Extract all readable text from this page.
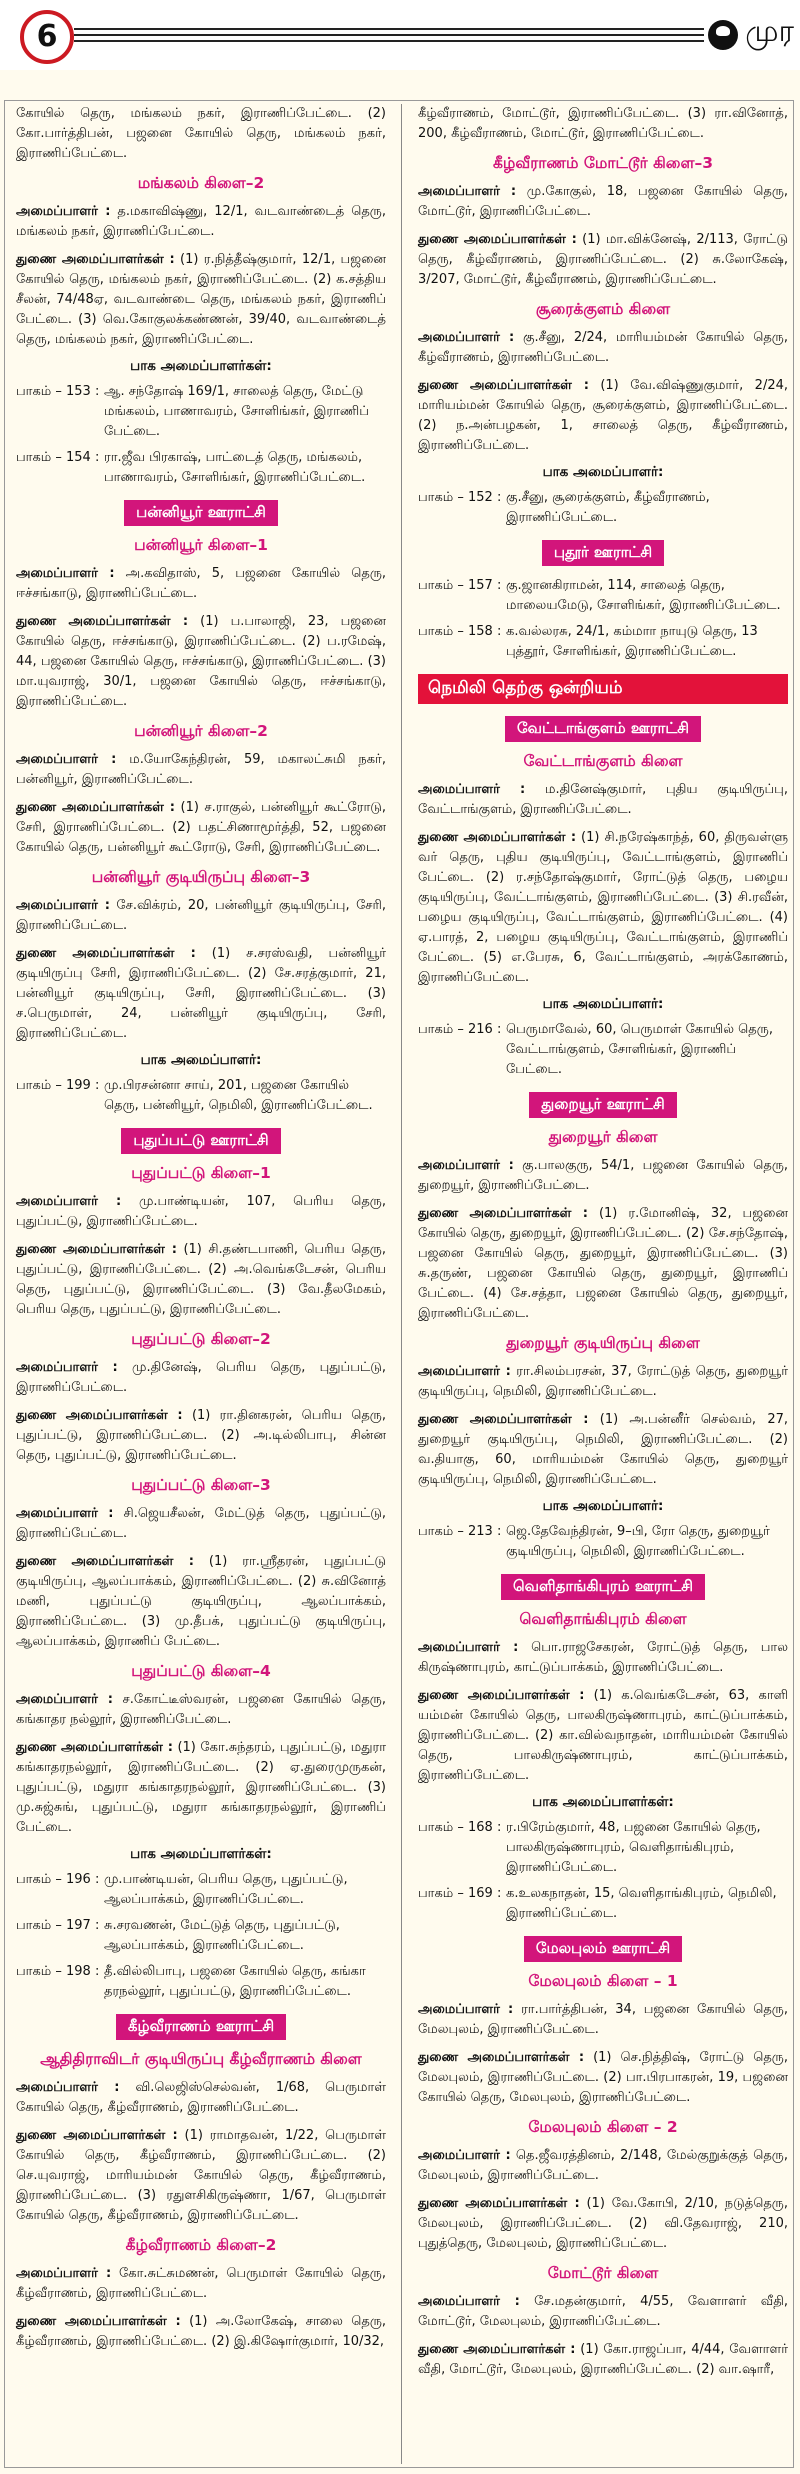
6	முர

கோயில் தெரு, மங்கலம் நகர், இராணிப்பேட்டை. (2) கோ.பார்த்திபன், பஜனை கோயில் தெரு, மங்கலம் நகர், இராணிப்பேட்டை.

மங்கலம் கிளை–2

அமைப்பாளர் : த.மகாவிஷ்ணு, 12/1, வடவாண்டைத் தெரு, மங்கலம் நகர், இராணிப்பேட்டை.

துணை அமைப்பாளர்கள் : (1) ர.நித்தீஷ்குமார், 12/1, பஜனை கோயில் தெரு, மங்கலம் நகர், இராணிப்பேட்டை. (2) க.சத்திய சீலன், 74/48ஏ, வடவாண்டை தெரு, மங்கலம் நகர், இராணிப் பேட்டை. (3) வெ.கோகுலக்கண்ணன், 39/40, வடவாண்டைத் தெரு, மங்கலம் நகர், இராணிப்பேட்டை.

பாக அமைப்பாளர்கள்:
பாகம் – 153 : ஆ. சந்தோஷ் 169/1, சாலைத் தெரு, மேட்டு மங்கலம், பாணாவரம், சோளிங்கர், இராணிப் பேட்டை.
பாகம் – 154 : ரா.ஜீவ பிரகாஷ், பாட்டைத் தெரு, மங்கலம், பாணாவரம், சோளிங்கர், இராணிப்பேட்டை.
பன்னியூர் ஊராட்சி
பன்னியூர் கிளை–1

அமைப்பாளர் : அ.கவிதாஸ், 5, பஜனை கோயில் தெரு, ஈச்சங்காடு, இராணிப்பேட்டை.

துணை அமைப்பாளர்கள் : (1) ப.பாலாஜி, 23, பஜனை கோயில் தெரு, ஈச்சங்காடு, இராணிப்பேட்டை. (2) ப.ரமேஷ், 44, பஜனை கோயில் தெரு, ஈச்சங்காடு, இராணிப்பேட்டை. (3) மா.யுவராஜ், 30/1, பஜனை கோயில் தெரு, ஈச்சங்காடு, இராணிப்பேட்டை.

பன்னியூர் கிளை–2

அமைப்பாளர் : ம.யோகேந்திரன், 59, மகாலட்சுமி நகர், பன்னியூர், இராணிப்பேட்டை.

துணை அமைப்பாளர்கள் : (1) ச.ராகுல், பன்னியூர் கூட்ரோடு, சேரி, இராணிப்பேட்டை. (2) பதட்சிணாமூர்த்தி, 52, பஜனை கோயில் தெரு, பன்னியூர் கூட்ரோடு, சேரி, இராணிப்பேட்டை.

பன்னியூர் குடியிருப்பு கிளை–3

அமைப்பாளர் : சே.விக்ரம், 20, பன்னியூர் குடியிருப்பு, சேரி, இராணிப்பேட்டை.

துணை அமைப்பாளர்கள் : (1) ச.சரஸ்வதி, பன்னியூர் குடியிருப்பு சேரி, இராணிப்பேட்டை. (2) சே.சரத்குமார், 21, பன்னியூர் குடியிருப்பு, சேரி, இராணிப்பேட்டை. (3) ச.பெருமாள், 24, பன்னியூர் குடியிருப்பு, சேரி, இராணிப்பேட்டை.

பாக அமைப்பாளர்:
பாகம் – 199 : மு.பிரசன்னா சாய், 201, பஜனை கோயில் தெரு, பன்னியூர், நெமிலி, இராணிப்பேட்டை.
புதுப்பட்டு ஊராட்சி
புதுப்பட்டு கிளை–1

அமைப்பாளர் : மு.பாண்டியன், 107, பெரிய தெரு, புதுப்பட்டு, இராணிப்பேட்டை.

துணை அமைப்பாளர்கள் : (1) சி.தண்டபாணி, பெரிய தெரு, புதுப்பட்டு, இராணிப்பேட்டை. (2) அ.வெங்கடேசன், பெரிய தெரு, புதுப்பட்டு, இராணிப்பேட்டை. (3) வே.தீலமேகம், பெரிய தெரு, புதுப்பட்டு, இராணிப்பேட்டை.

புதுப்பட்டு கிளை–2

அமைப்பாளர் : மு.தினேஷ், பெரிய தெரு, புதுப்பட்டு, இராணிப்பேட்டை.

துணை அமைப்பாளர்கள் : (1) ரா.தினகரன், பெரிய தெரு, புதுப்பட்டு, இராணிப்பேட்டை. (2) அ.டில்லிபாபு, சின்ன தெரு, புதுப்பட்டு, இராணிப்பேட்டை.

புதுப்பட்டு கிளை–3

அமைப்பாளர் : சி.ஜெயசீலன், மேட்டுத் தெரு, புதுப்பட்டு, இராணிப்பேட்டை.

துணை அமைப்பாளர்கள் : (1) ரா.ஸ்ரீதரன், புதுப்பட்டு குடியிருப்பு, ஆலப்பாக்கம், இராணிப்பேட்டை. (2) சு.வினோத் மணி, புதுப்பட்டு குடியிருப்பு, ஆலப்பாக்கம், இராணிப்பேட்டை. (3) மு.தீபக், புதுப்பட்டு குடியிருப்பு, ஆலப்பாக்கம், இராணிப் பேட்டை.

புதுப்பட்டு கிளை–4

அமைப்பாளர் : ச.கோட்டீஸ்வரன், பஜனை கோயில் தெரு, கங்காதர நல்லூர், இராணிப்பேட்டை.

துணை அமைப்பாளர்கள் : (1) கோ.சுந்தரம், புதுப்பட்டு, மதுரா கங்காதரநல்லூர், இராணிப்பேட்டை. (2) ஏ.துரைமுருகன், புதுப்பட்டு, மதுரா கங்காதரநல்லூர், இராணிப்பேட்டை. (3) மு.சுஜ்சுங், புதுப்பட்டு, மதுரா கங்காதரநல்லூர், இராணிப் பேட்டை.

பாக அமைப்பாளர்கள்:
பாகம் – 196 : மு.பாண்டியன், பெரிய தெரு, புதுப்பட்டு, ஆலப்பாக்கம், இராணிப்பேட்டை.
பாகம் – 197 : சு.சரவணன், மேட்டுத் தெரு, புதுப்பட்டு, ஆலப்பாக்கம், இராணிப்பேட்டை.
பாகம் – 198 : தீ.வில்லிபாபு, பஜனை கோயில் தெரு, கங்கா தரநல்லூர், புதுப்பட்டு, இராணிப்பேட்டை.
கீழ்வீராணம் ஊராட்சி
ஆதிதிராவிடர் குடியிருப்பு கீழ்வீராணம் கிளை

அமைப்பாளர் : வி.லெஜிஸ்செல்வன், 1/68, பெருமாள் கோயில் தெரு, கீழ்வீராணம், இராணிப்பேட்டை.

துணை அமைப்பாளர்கள் : (1) ராமாதவன், 1/22, பெருமாள் கோயில் தெரு, கீழ்வீராணம், இராணிப்பேட்டை. (2) செ.யுவராஜ், மாரியம்மன் கோயில் தெரு, கீழ்வீராணம், இராணிப்பேட்டை. (3) ரதுளசிகிருஷ்ணா, 1/67, பெருமாள் கோயில் தெரு, கீழ்வீராணம், இராணிப்பேட்டை.

கீழ்வீராணம் கிளை–2

அமைப்பாளர் : கோ.சுட்சுமணன், பெருமாள் கோயில் தெரு, கீழ்வீராணம், இராணிப்பேட்டை.

துணை அமைப்பாளர்கள் : (1) அ.லோகேஷ், சாலை தெரு, கீழ்வீராணம், இராணிப்பேட்டை. (2) இ.கிஷோர்குமார், 10/32,

கீழ்வீராணம், மோட்டூர், இராணிப்பேட்டை. (3) ரா.வினோத், 200, கீழ்வீராணம், மோட்டூர், இராணிப்பேட்டை.

கீழ்வீராணம் மோட்டூர் கிளை–3

அமைப்பாளர் : மு.கோகுல், 18, பஜனை கோயில் தெரு, மோட்டூர், இராணிப்பேட்டை.

துணை அமைப்பாளர்கள் : (1) மா.விக்னேஷ், 2/113, ரோட்டு தெரு, கீழ்வீராணம், இராணிப்பேட்டை. (2) சு.லோகேஷ், 3/207, மோட்டூர், கீழ்வீராணம், இராணிப்பேட்டை.

சூரைக்குளம் கிளை

அமைப்பாளர் : கு.சீனு, 2/24, மாரியம்மன் கோயில் தெரு, கீழ்வீராணம், இராணிப்பேட்டை.

துணை அமைப்பாளர்கள் : (1) வே.விஷ்ணுகுமார், 2/24, மாரியம்மன் கோயில் தெரு, சூரைக்குளம், இராணிப்பேட்டை. (2) ந.அன்பழகன், 1, சாலைத் தெரு, கீழ்வீராணம், இராணிப்பேட்டை.

பாக அமைப்பாளர்:
பாகம் – 152 : கு.சீனு, சூரைக்குளம், கீழ்வீராணம், இராணிப்பேட்டை.
புதூர் ஊராட்சி
பாகம் – 157 : கு.ஜானகிராமன், 114, சாலைத் தெரு, மாலையமேடு, சோளிங்கர், இராணிப்பேட்டை.
பாகம் – 158 : க.வல்லரசு, 24/1, கம்மாா நாயுடு தெரு, 13 புத்தூர், சோளிங்கர், இராணிப்பேட்டை.
நெமிலி தெற்கு ஒன்றியம்
வேட்டாங்குளம் ஊராட்சி
வேட்டாங்குளம் கிளை

அமைப்பாளர் : ம.தினேஷ்குமார், புதிய குடியிருப்பு, வேட்டாங்குளம், இராணிப்பேட்டை.

துணை அமைப்பாளர்கள் : (1) சி.நரேஷ்காந்த், 60, திருவள்ளு வர் தெரு, புதிய குடியிருப்பு, வேட்டாங்குளம், இராணிப் பேட்டை. (2) ர.சந்தோஷ்குமார், ரோட்டுத் தெரு, பழைய குடியிருப்பு, வேட்டாங்குளம், இராணிப்பேட்டை. (3) சி.ரவீன், பழைய குடியிருப்பு, வேட்டாங்குளம், இராணிப்பேட்டை. (4) ஏ.பாரத், 2, பழைய குடியிருப்பு, வேட்டாங்குளம், இராணிப் பேட்டை. (5) எ.பேரசு, 6, வேட்டாங்குளம், அரக்கோணம், இராணிப்பேட்டை.

பாக அமைப்பாளர்:
பாகம் – 216 : பெருமாவேல், 60, பெருமாள் கோயில் தெரு, வேட்டாங்குளம், சோளிங்கர், இராணிப் பேட்டை.
துறையூர் ஊராட்சி
துறையூர் கிளை

அமைப்பாளர் : கு.பாலகுரு, 54/1, பஜனை கோயில் தெரு, துறையூர், இராணிப்பேட்டை.

துணை அமைப்பாளர்கள் : (1) ர.மோனிஷ், 32, பஜனை கோயில் தெரு, துறையூர், இராணிப்பேட்டை. (2) சே.சந்தோஷ், பஜனை கோயில் தெரு, துறையூர், இராணிப்பேட்டை. (3) சு.தருண், பஜனை கோயில் தெரு, துறையூர், இராணிப் பேட்டை. (4) சே.சத்தா, பஜனை கோயில் தெரு, துறையூர், இராணிப்பேட்டை.

துறையூர் குடியிருப்பு கிளை

அமைப்பாளர் : ரா.சிலம்பரசன், 37, ரோட்டுத் தெரு, துறையூர் குடியிருப்பு, நெமிலி, இராணிப்பேட்டை.

துணை அமைப்பாளர்கள் : (1) அ.பன்னீர் செல்வம், 27, துறையூர் குடியிருப்பு, நெமிலி, இராணிப்பேட்டை. (2) வ.தியாகு, 60, மாரியம்மன் கோயில் தெரு, துறையூர் குடியிருப்பு, நெமிலி, இராணிப்பேட்டை.

பாக அமைப்பாளர்:
பாகம் – 213 : ஜெ.தேவேந்திரன், 9–பி, ரோ தெரு, துறையூர் குடியிருப்பு, நெமிலி, இராணிப்பேட்டை.
வெளிதாங்கிபுரம் ஊராட்சி
வெளிதாங்கிபுரம் கிளை

அமைப்பாளர் : பொ.ராஜசேகரன், ரோட்டுத் தெரு, பால கிருஷ்ணாபுரம், காட்டுப்பாக்கம், இராணிப்பேட்டை.

துணை அமைப்பாளர்கள் : (1) க.வெங்கடேசன், 63, காளி யம்மன் கோயில் தெரு, பாலகிருஷ்ணாபுரம், காட்டுப்பாக்கம், இராணிப்பேட்டை. (2) கா.வில்வநாதன், மாரியம்மன் கோயில் தெரு, பாலகிருஷ்ணாபுரம், காட்டுப்பாக்கம், இராணிப்பேட்டை.

பாக அமைப்பாளர்கள்:
பாகம் – 168 : ர.பிரேம்குமார், 48, பஜனை கோயில் தெரு, பாலகிருஷ்ணாபுரம், வெளிதாங்கிபுரம், இராணிப்பேட்டை.
பாகம் – 169 : க.உலகநாதன், 15, வெளிதாங்கிபுரம், நெமிலி, இராணிப்பேட்டை.
மேலபுலம் ஊராட்சி
மேலபுலம் கிளை – 1

அமைப்பாளர் : ரா.பார்த்திபன், 34, பஜனை கோயில் தெரு, மேலபுலம், இராணிப்பேட்டை.

துணை அமைப்பாளர்கள் : (1) செ.நித்திஷ், ரோட்டு தெரு, மேலபுலம், இராணிப்பேட்டை. (2) பா.பிரபாகரன், 19, பஜனை கோயில் தெரு, மேலபுலம், இராணிப்பேட்டை.

மேலபுலம் கிளை – 2

அமைப்பாளர் : தெ.ஜீவரத்தினம், 2/148, மேல்குறுக்குத் தெரு, மேலபுலம், இராணிப்பேட்டை.

துணை அமைப்பாளர்கள் : (1) வே.கோபி, 2/10, நடுத்தெரு, மேலபுலம், இராணிப்பேட்டை. (2) வி.தேவராஜ், 210, புதுத்தெரு, மேலபுலம், இராணிப்பேட்டை.

மோட்டூர் கிளை

அமைப்பாளர் : சே.மதன்குமார், 4/55, வேளாளர் வீதி, மோட்டூர், மேலபுலம், இராணிப்பேட்டை.

துணை அமைப்பாளர்கள் : (1) கோ.ராஜப்பா, 4/44, வேளாளர் வீதி, மோட்டூர், மேலபுலம், இராணிப்பேட்டை. (2) வா.ஷாரீ,
